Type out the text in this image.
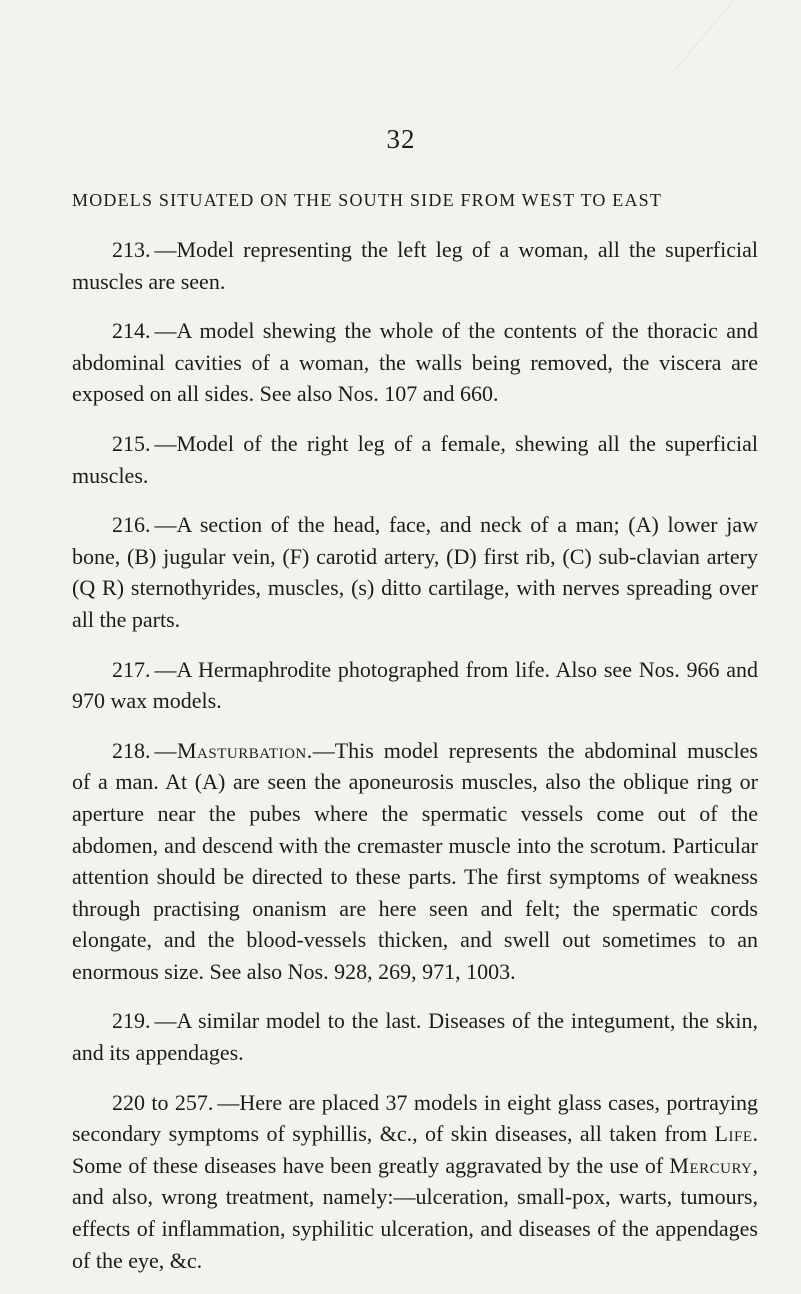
32
MODELS SITUATED ON THE SOUTH SIDE FROM WEST TO EAST

213. —Model representing the left leg of a woman, all the superficial muscles are seen.

214. —A model shewing the whole of the contents of the thoracic and abdominal cavities of a woman, the walls being removed, the viscera are exposed on all sides. See also Nos. 107 and 660.

215. —Model of the right leg of a female, shewing all the superficial muscles.

216. —A section of the head, face, and neck of a man; (A) lower jaw bone, (B) jugular vein, (F) carotid artery, (D) first rib, (C) sub-clavian artery (Q R) sternothyrides, muscles, (s) ditto cartilage, with nerves spreading over all the parts.

217. —A Hermaphrodite photographed from life. Also see Nos. 966 and 970 wax models.

218. —Masturbation.—This model represents the abdominal muscles of a man. At (A) are seen the aponeurosis muscles, also the oblique ring or aperture near the pubes where the spermatic vessels come out of the abdomen, and descend with the cremaster muscle into the scrotum. Particular attention should be directed to these parts. The first symptoms of weakness through practising onanism are here seen and felt; the spermatic cords elongate, and the blood-vessels thicken, and swell out sometimes to an enormous size. See also Nos. 928, 269, 971, 1003.

219. —A similar model to the last. Diseases of the integument, the skin, and its appendages.

220 to 257. —Here are placed 37 models in eight glass cases, portraying secondary symptoms of syphillis, &c., of skin diseases, all taken from Life. Some of these diseases have been greatly aggravated by the use of Mercury, and also, wrong treatment, namely:—ulceration, small-pox, warts, tumours, effects of inflammation, syphilitic ulceration, and diseases of the appendages of the eye, &c.
